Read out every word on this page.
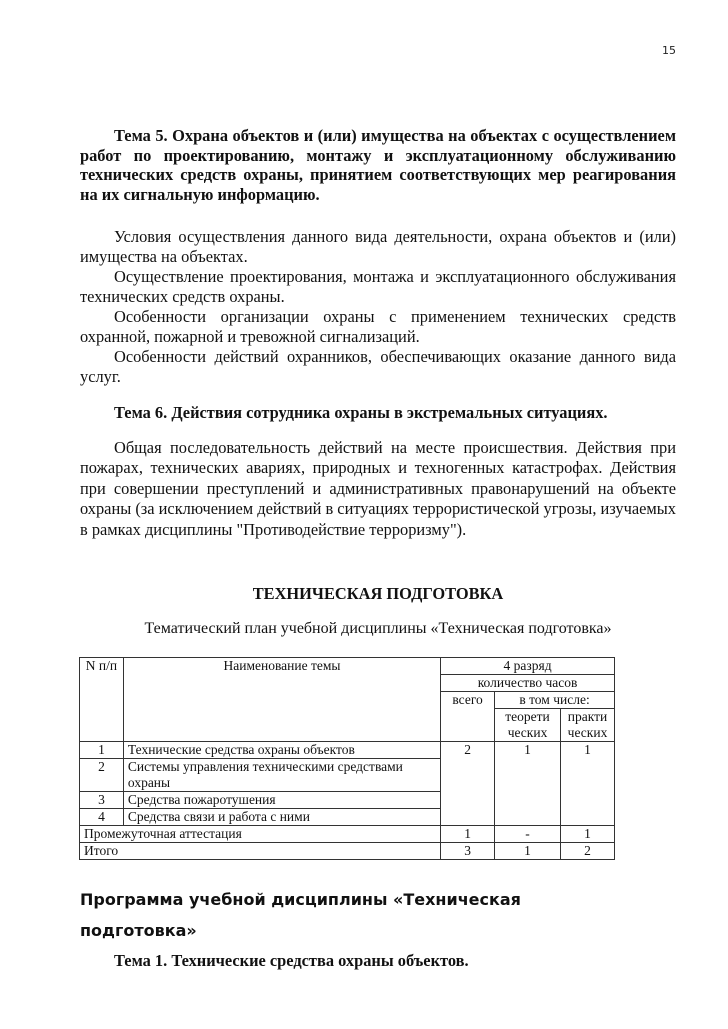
15

Тема 5. Охрана объектов и (или) имущества на объектах с осуществлением работ по проектированию, монтажу и эксплуатационному обслуживанию технических средств охраны, принятием соответствующих мер реагирования на их сигнальную информацию.

Условия осуществления данного вида деятельности, охрана объектов и (или) имущества на объектах.

Осуществление проектирования, монтажа и эксплуатационного обслуживания технических средств охраны.

Особенности организации охраны с применением технических средств охранной, пожарной и тревожной сигнализаций.

Особенности действий охранников, обеспечивающих оказание данного вида услуг.

Тема 6. Действия сотрудника охраны в экстремальных ситуациях.

Общая последовательность действий на месте происшествия. Действия при пожарах, технических авариях, природных и техногенных катастрофах. Действия при совершении преступлений и административных правонарушений на объекте охраны (за исключением действий в ситуациях террористической угрозы, изучаемых в рамках дисциплины "Противодействие терроризму").

ТЕХНИЧЕСКАЯ ПОДГОТОВКА
Тематический план учебной дисциплины «Техническая подготовка»
N п/п	Наименование темы	4 разряд		
		количество часов		
		всего	в том числе:	
			теорети ческих	практи ческих
1	Технические средства охраны объектов	2	1	1
2	Системы управления техническими средствами охраны			
3	Средства пожаротушения			
4	Средства связи и работа с ними			
Промежуточная аттестация		1	-	1
Итого		3	1	2
Программа учебной дисциплины «Техническая подготовка»
Тема 1. Технические средства охраны объектов.
